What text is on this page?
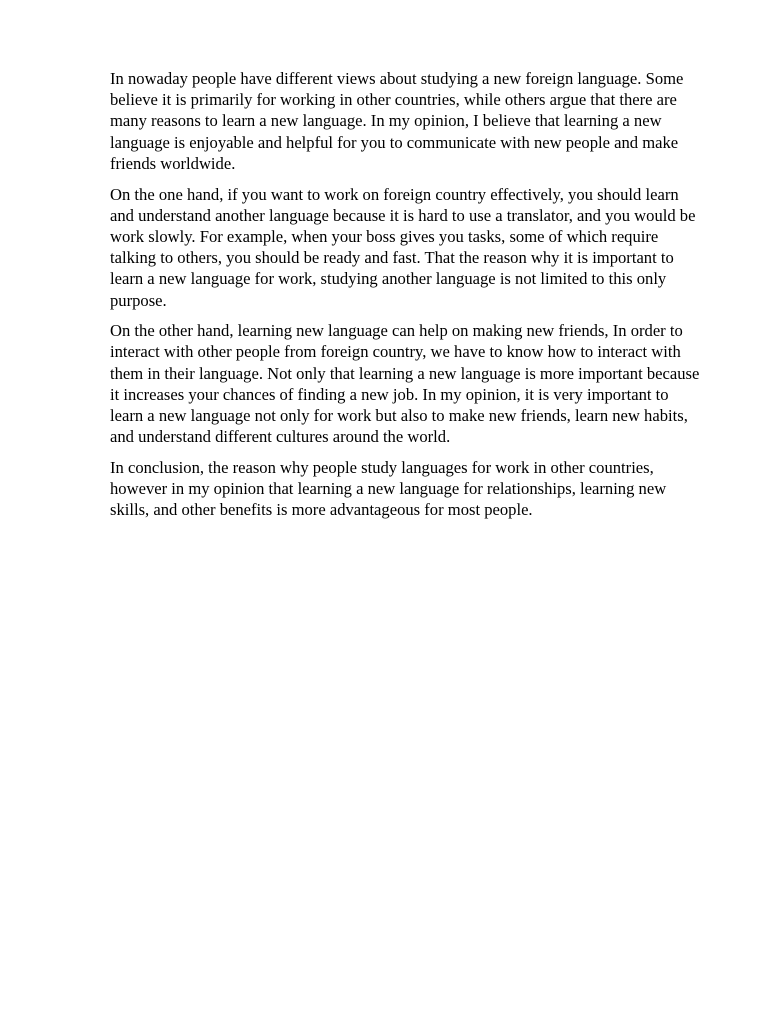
In nowaday people have different views about studying a new foreign language. Some believe it is primarily for working in other countries, while others argue that there are many reasons to learn a new language. In my opinion, I believe that learning a new language is enjoyable and helpful for you to communicate with new people and make friends worldwide.

On the one hand, if you want to work on foreign country effectively, you should learn and understand another language because it is hard to use a translator, and you would be work slowly. For example, when your boss gives you tasks, some of which require talking to others, you should be ready and fast. That the reason why it is important to learn a new language for work, studying another language is not limited to this only purpose.

On the other hand, learning new language can help on making new friends, In order to interact with other people from foreign country, we have to know how to interact with them in their language. Not only that learning a new language is more important because it increases your chances of finding a new job. In my opinion, it is very important to learn a new language not only for work but also to make new friends, learn new habits, and understand different cultures around the world.

In conclusion, the reason why people study languages for work in other countries, however in my opinion that learning a new language for relationships, learning new skills, and other benefits is more advantageous for most people.
